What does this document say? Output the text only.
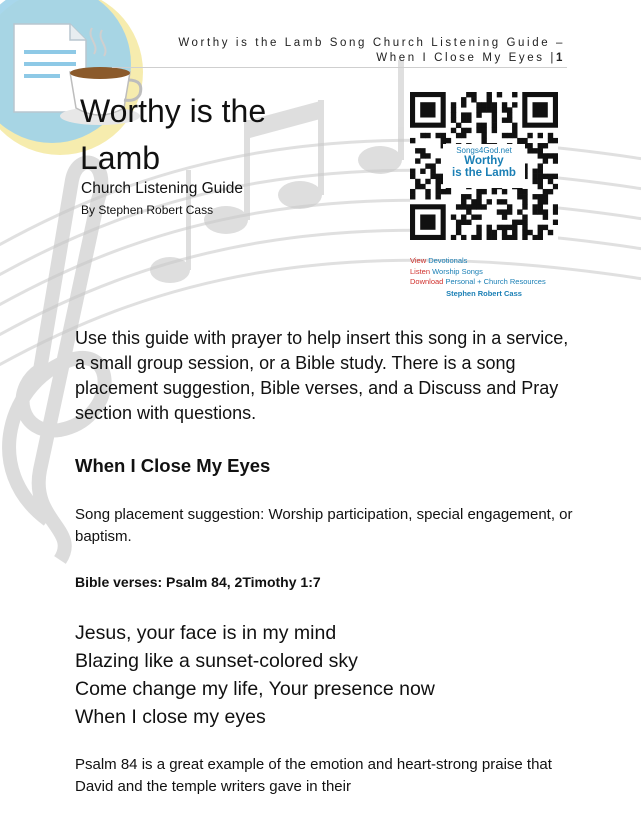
Worthy is the Lamb Song Church Listening Guide –
When I Close My Eyes |1
Worthy is the
Lamb
Church Listening Guide
By Stephen Robert Cass
Songs4God.net
Worthy
is the Lamb
View Devotionals
Listen Worship Songs
Download Personal + Church Resources
Stephen Robert Cass
Use this guide with prayer to help insert this song in a service, a small group session, or a Bible study. There is a song placement suggestion, Bible verses, and a Discuss and Pray section with questions.
When I Close My Eyes
Song placement suggestion: Worship participation, special engagement, or baptism.
Bible verses: Psalm 84, 2Timothy 1:7
Jesus, your face is in my mind
Blazing like a sunset-colored sky
Come change my life, Your presence now
When I close my eyes
Psalm 84 is a great example of the emotion and heart-strong praise that David and the temple writers gave in their
